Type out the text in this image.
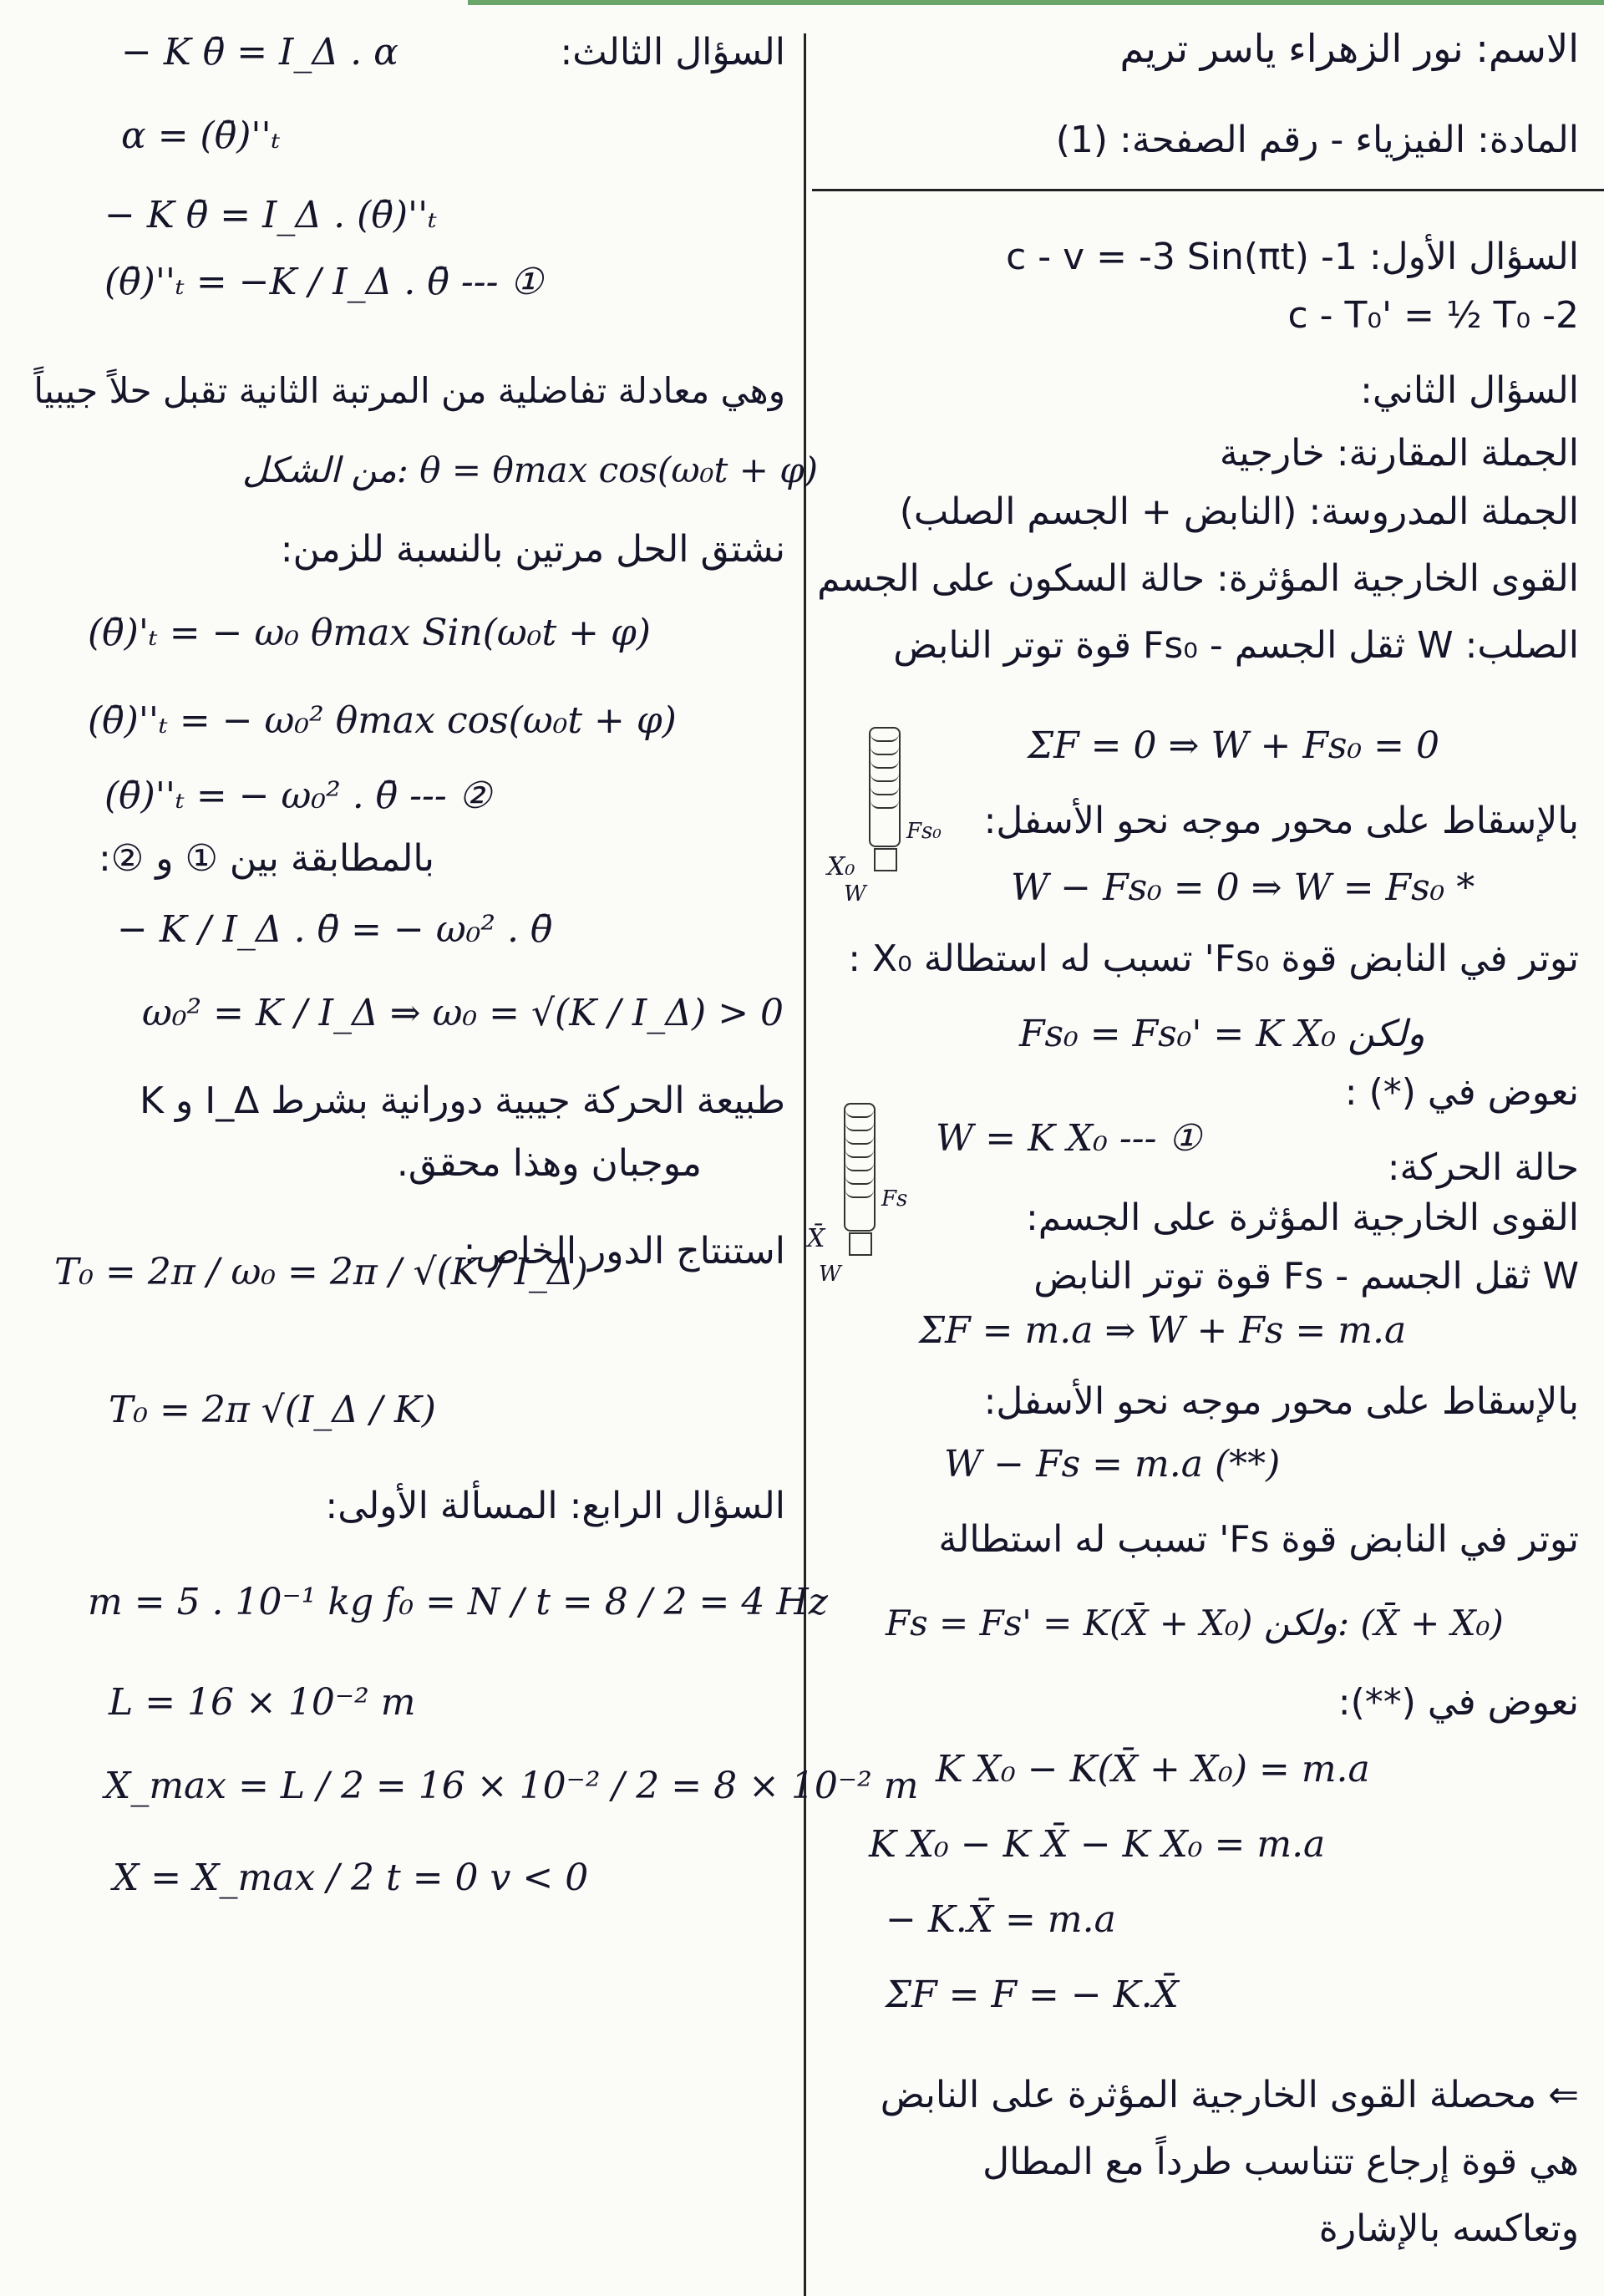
الاسم: نور الزهراء ياسر تريم
المادة: الفيزياء - رقم الصفحة: (1)
السؤال الأول: 1- c - v = -3 Sin(πt)
2- c - T₀' = ½ T₀
السؤال الثاني:
الجملة المقارنة: خارجية
الجملة المدروسة: (النابض + الجسم الصلب)
القوى الخارجية المؤثرة: حالة السكون على الجسم
الصلب: W ثقل الجسم - Fs₀ قوة توتر النابض
ΣF = 0 ⇒ W + Fs₀ = 0
بالإسقاط على محور موجه نحو الأسفل:
W − Fs₀ = 0 ⇒ W = Fs₀ *
توتر في النابض قوة Fs₀' تسبب له استطالة X₀ :
Fs₀ = Fs₀' = K X₀ ولكن
نعوض في (*) :
W = K X₀ --- ①
حالة الحركة:
القوى الخارجية المؤثرة على الجسم:
W ثقل الجسم - Fs قوة توتر النابض
ΣF = m.a ⇒ W + Fs = m.a
بالإسقاط على محور موجه نحو الأسفل:
W − Fs = m.a (**)
توتر في النابض قوة Fs' تسبب له استطالة
Fs = Fs' = K(X̄ + X₀) ولكن: (X̄ + X₀)
نعوض في (**):
K X₀ − K(X̄ + X₀) = m.a
K X₀ − K X̄ − K X₀ = m.a
− K.X̄ = m.a
ΣF = F = − K.X̄
⇐ محصلة القوى الخارجية المؤثرة على النابض
هي قوة إرجاع تتناسب طرداً مع المطال
وتعاكسه بالإشارة
X₀
Fs₀
W
X̄
Fs
W
السؤال الثالث:
− K θ̄ = I_Δ . α
α = (θ̄)''ₜ
− K θ̄ = I_Δ . (θ̄)''ₜ
(θ̄)''ₜ = −K / I_Δ . θ̄ --- ①
وهي معادلة تفاضلية من المرتبة الثانية تقبل حلاً جيبياً
من الشكل: θ = θmax cos(ω₀t + φ)
نشتق الحل مرتين بالنسبة للزمن:
(θ̄)'ₜ = − ω₀ θmax Sin(ω₀t + φ)
(θ̄)''ₜ = − ω₀² θmax cos(ω₀t + φ)
(θ̄)''ₜ = − ω₀² . θ̄ --- ②
بالمطابقة بين ① و ②:
− K / I_Δ . θ̄ = − ω₀² . θ̄
ω₀² = K / I_Δ ⇒ ω₀ = √(K / I_Δ) > 0
طبيعة الحركة جيبية دورانية بشرط I_Δ و K
موجبان وهذا محقق.
استنتاج الدور الخاص:
T₀ = 2π / ω₀ = 2π / √(K / I_Δ)
T₀ = 2π √(I_Δ / K)
السؤال الرابع: المسألة الأولى:
m = 5 . 10⁻¹ kg f₀ = N / t = 8 / 2 = 4 Hz
L = 16 × 10⁻² m
X_max = L / 2 = 16 × 10⁻² / 2 = 8 × 10⁻² m
X = X_max / 2 t = 0 v < 0
